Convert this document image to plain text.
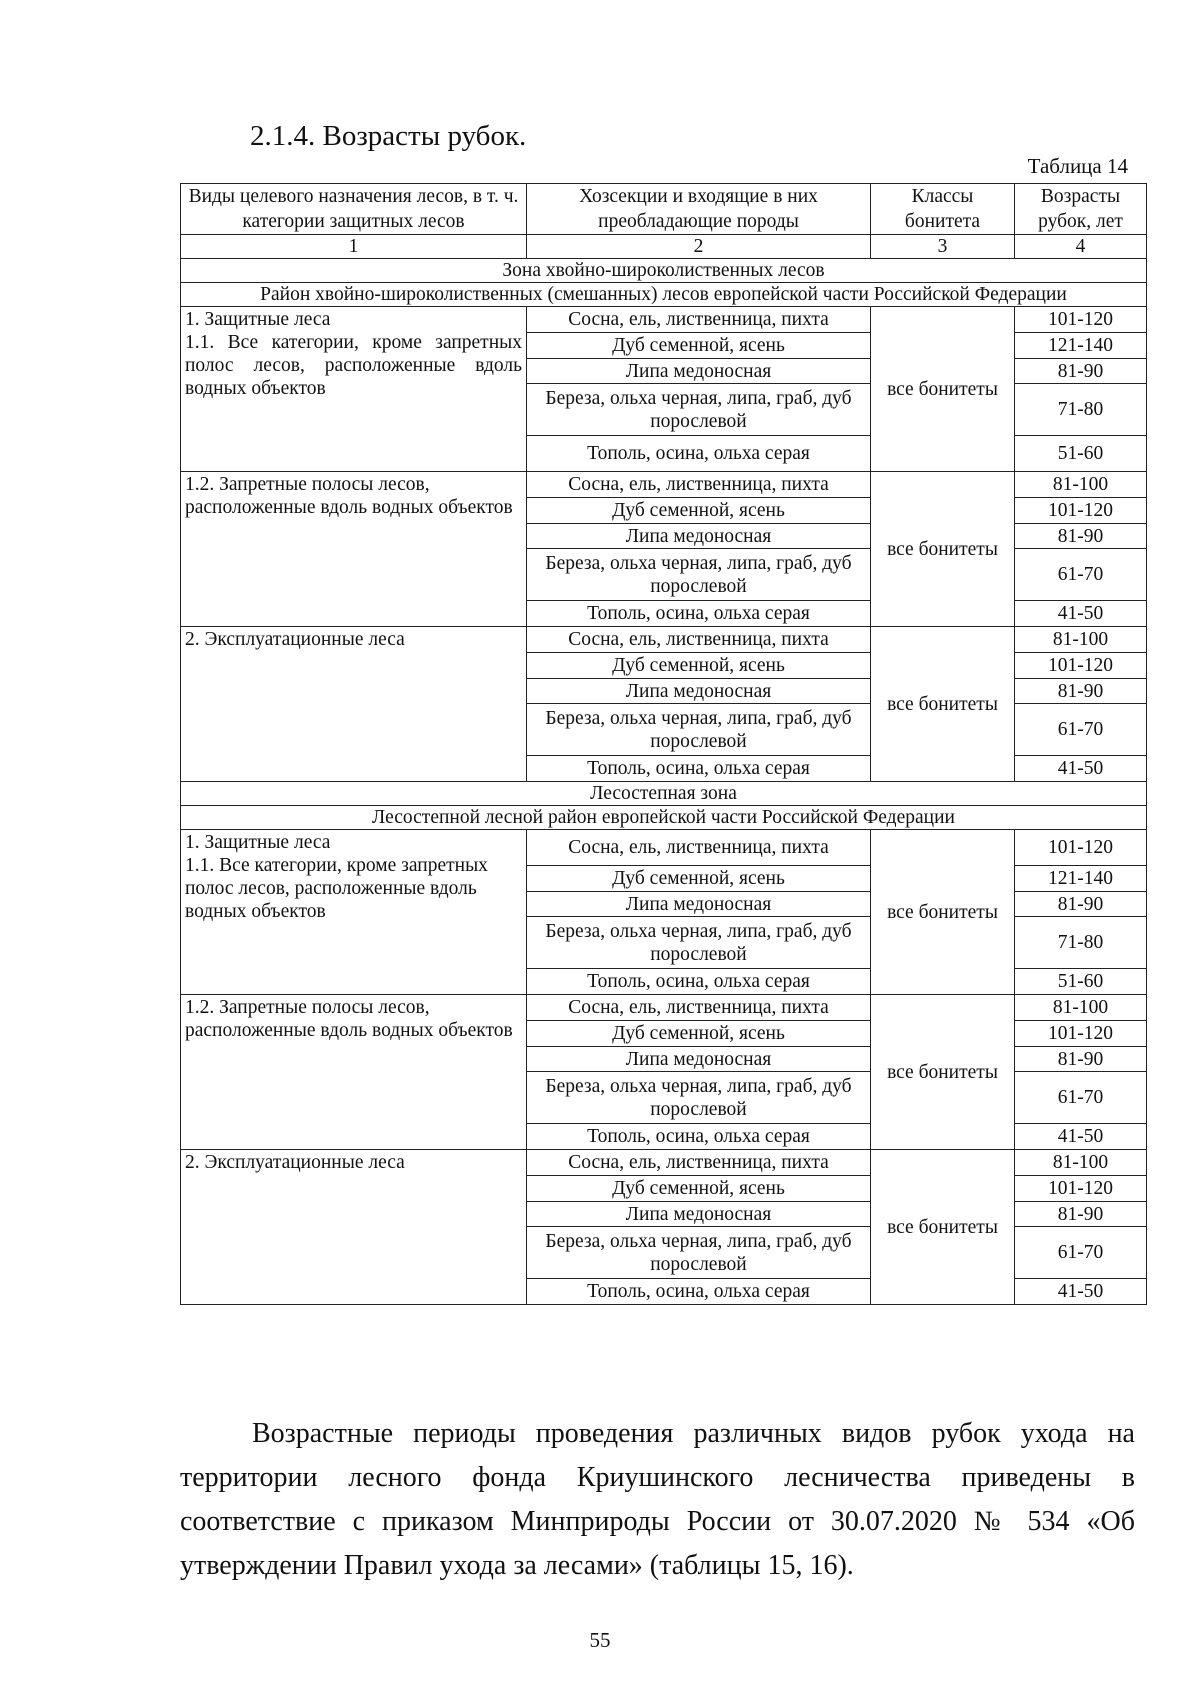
2.1.4. Возрасты рубок.
Таблица 14
Виды целевого назначения лесов, в т. ч. категории защитных лесов	Хозсекции и входящие в них преобладающие породы	Классы бонитета	Возрасты рубок, лет
1	2	3	4
Зона хвойно-широколиственных лесов			
Район хвойно-широколиственных (смешанных) лесов европейской части Российской Федерации			

1. Защитные леса
1.1. Все категории, кроме запретных полос лесов, расположенные вдоль водных объектов	Сосна, ель, лиственница, пихта	все бонитеты	101-120
	Дуб семенной, ясень		121-140
	Липа медоносная		81-90
	Береза, ольха черная, липа, граб, дуб порослевой		71-80
	Тополь, осина, ольха серая		51-60

1.2. Запретные полосы лесов, расположенные вдоль водных объектов	Сосна, ель, лиственница, пихта	все бонитеты	81-100
	Дуб семенной, ясень		101-120
	Липа медоносная		81-90
	Береза, ольха черная, липа, граб, дуб порослевой		61-70
	Тополь, осина, ольха серая		41-50

2. Эксплуатационные леса	Сосна, ель, лиственница, пихта	все бонитеты	81-100
	Дуб семенной, ясень		101-120
	Липа медоносная		81-90
	Береза, ольха черная, липа, граб, дуб порослевой		61-70
	Тополь, осина, ольха серая		41-50
Лесостепная зона			
Лесостепной лесной район европейской части Российской Федерации			

1. Защитные леса
1.1. Все категории, кроме запретных полос лесов, расположенные вдоль водных объектов	Сосна, ель, лиственница, пихта	все бонитеты	101-120
	Дуб семенной, ясень		121-140
	Липа медоносная		81-90
	Береза, ольха черная, липа, граб, дуб порослевой		71-80
	Тополь, осина, ольха серая		51-60

1.2. Запретные полосы лесов, расположенные вдоль водных объектов	Сосна, ель, лиственница, пихта	все бонитеты	81-100
	Дуб семенной, ясень		101-120
	Липа медоносная		81-90
	Береза, ольха черная, липа, граб, дуб порослевой		61-70
	Тополь, осина, ольха серая		41-50

2. Эксплуатационные леса	Сосна, ель, лиственница, пихта	все бонитеты	81-100
	Дуб семенной, ясень		101-120
	Липа медоносная		81-90
	Береза, ольха черная, липа, граб, дуб порослевой		61-70
	Тополь, осина, ольха серая		41-50
Возрастные периоды проведения различных видов рубок ухода на территории лесного фонда Криушинского лесничества приведены в соответствие с приказом Минприроды России от 30.07.2020 № 534 «Об утверждении Правил ухода за лесами» (таблицы 15, 16).
55
